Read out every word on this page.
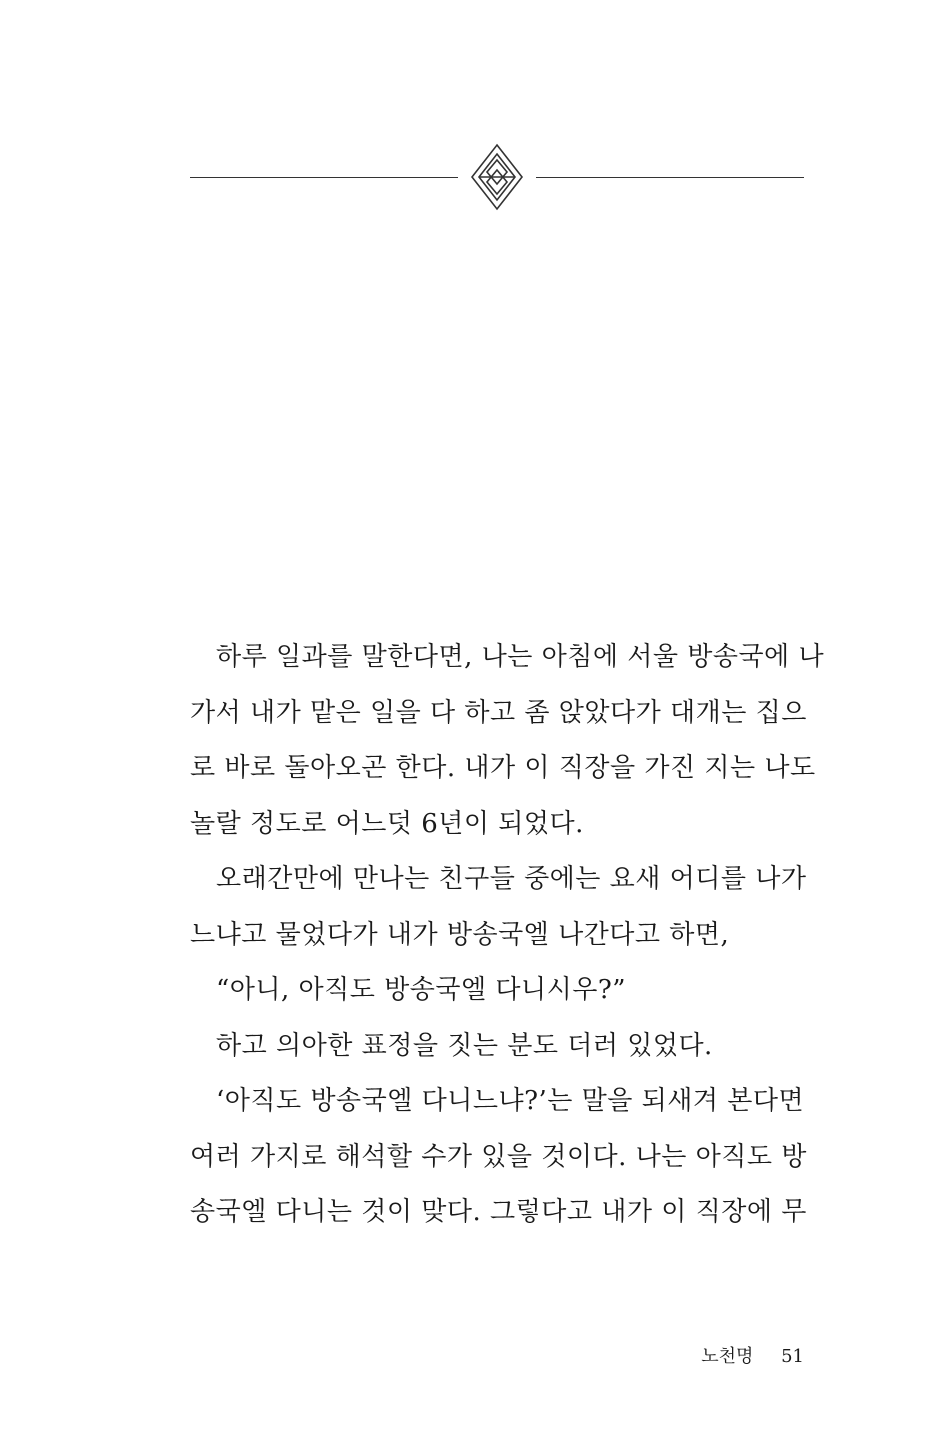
하루 일과를 말한다면, 나는 아침에 서울 방송국에 나
가서 내가 맡은 일을 다 하고 좀 앉았다가 대개는 집으
로 바로 돌아오곤 한다. 내가 이 직장을 가진 지는 나도
놀랄 정도로 어느덧 6년이 되었다.
오래간만에 만나는 친구들 중에는 요새 어디를 나가
느냐고 물었다가 내가 방송국엘 나간다고 하면,
“아니, 아직도 방송국엘 다니시우?”
하고 의아한 표정을 짓는 분도 더러 있었다.
‘아직도 방송국엘 다니느냐?’는 말을 되새겨 본다면
여러 가지로 해석할 수가 있을 것이다. 나는 아직도 방
송국엘 다니는 것이 맞다. 그렇다고 내가 이 직장에 무
노천명 51
